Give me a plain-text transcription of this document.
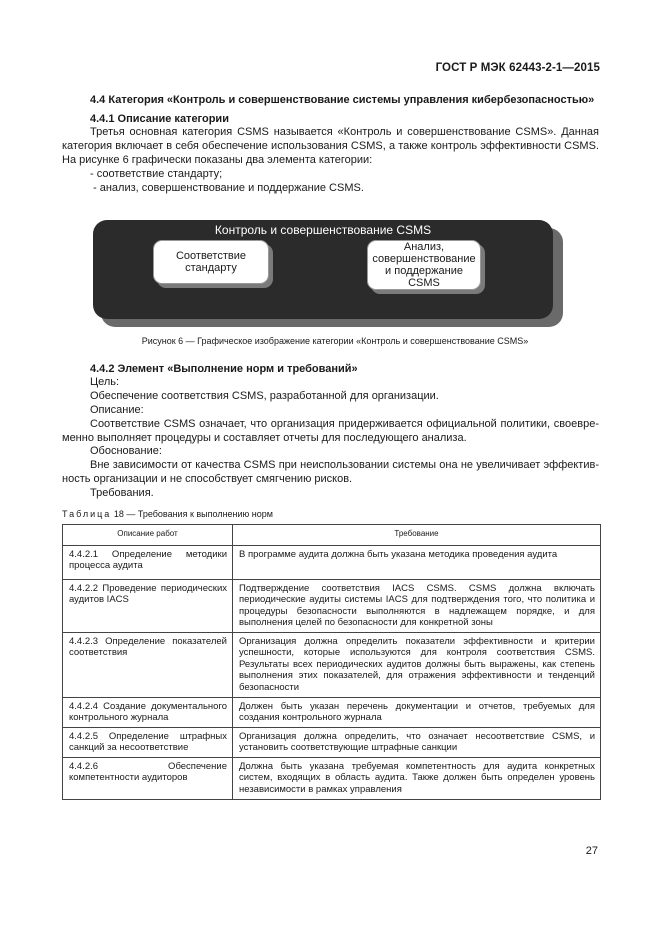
ГОСТ Р МЭК 62443-2-1—2015
4.4 Категория «Контроль и совершенствование системы управления кибербезопасностью»
4.4.1 Описание категории
Третья основная категория CSMS называется «Контроль и совершенствование CSMS». Данная
категория включает в себя обеспечение использования CSMS, а также контроль эффективности CSMS.
На рисунке 6 графически показаны два элемента категории:
- соответствие стандарту;
- анализ, совершенствование и поддержание CSMS.
Контроль и совершенствование CSMS
Соответствие
стандарту
Анализ,
совершенствование
и поддержание
CSMS
Рисунок 6 — Графическое изображение категории «Контроль и совершенствование CSMS»
4.4.2 Элемент «Выполнение норм и требований»
Цель:
Обеспечение соответствия CSMS, разработанной для организации.
Описание:
Соответствие CSMS означает, что организация придерживается официальной политики, своевре-
менно выполняет процедуры и составляет отчеты для последующего анализа.
Обоснование:
Вне зависимости от качества CSMS при неиспользовании системы она не увеличивает эффектив-
ность организации и не способствует смягчению рисков.
Требования.
Таблица 18 — Требования к выполнению норм
Описание работ	Требование
4.4.2.1 Определение методики процесса аудита	В программе аудита должна быть указана методика проведения аудита
4.4.2.2 Проведение периодических аудитов IACS	Подтверждение соответствия IACS CSMS. CSMS должна включать периодические аудиты системы IACS для подтверждения того, что политика и процедуры безопасности выполняются в надлежащем порядке, и для выполнения целей по безопасности для конкретной зоны
4.4.2.3 Определение показателей соответствия	Организация должна определить показатели эффективности и критерии успешности, которые используются для контроля соответствия CSMS. Результаты всех периодических аудитов должны быть выражены, как степень выполнения этих показателей, для отражения эффективности и тенденций безопасности
4.4.2.4 Создание документального контрольного журнала	Должен быть указан перечень документации и отчетов, требуемых для создания контрольного журнала
4.4.2.5 Определение штрафных санкций за несоответствие	Организация должна определить, что означает несоответствие CSMS, и установить соответствующие штрафные санкции
4.4.2.6 Обеспечение компетентности аудиторов	Должна быть указана требуемая компетентность для аудита конкретных систем, входящих в область аудита. Также должен быть определен уровень независимости в рамках управления
27
